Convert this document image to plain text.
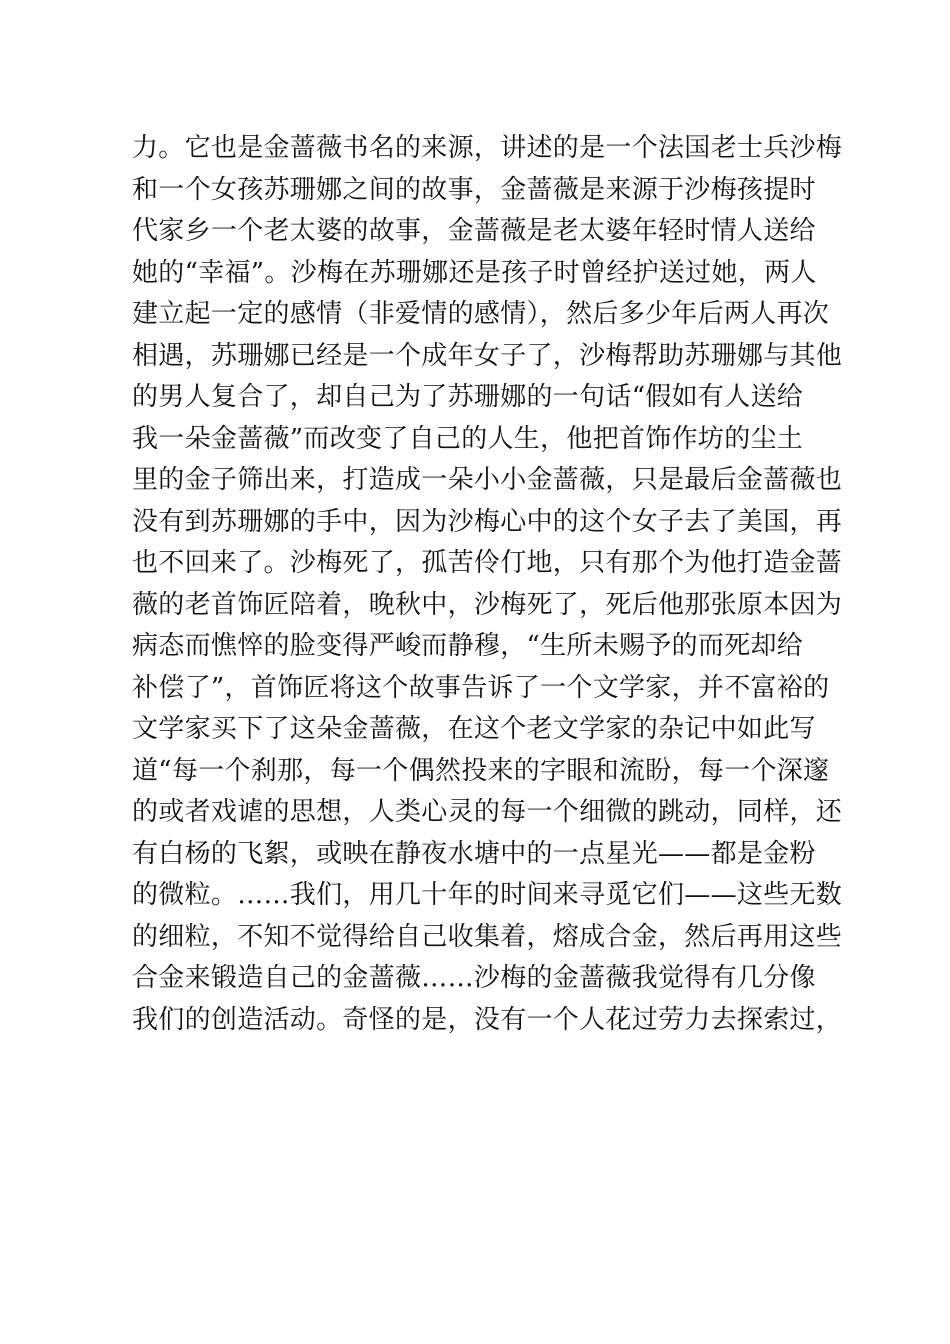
力。它也是金蔷薇书名的来源，讲述的是一个法国老士兵沙梅
和一个女孩苏珊娜之间的故事，金蔷薇是来源于沙梅孩提时
代家乡一个老太婆的故事，金蔷薇是老太婆年轻时情人送给
她的“幸福”。沙梅在苏珊娜还是孩子时曾经护送过她，两人
建立起一定的感情（非爱情的感情），然后多少年后两人再次
相遇，苏珊娜已经是一个成年女子了，沙梅帮助苏珊娜与其他
的男人复合了，却自己为了苏珊娜的一句话“假如有人送给
我一朵金蔷薇”而改变了自己的人生，他把首饰作坊的尘土
里的金子筛出来，打造成一朵小小金蔷薇，只是最后金蔷薇也
没有到苏珊娜的手中，因为沙梅心中的这个女子去了美国，再
也不回来了。沙梅死了，孤苦伶仃地，只有那个为他打造金蔷
薇的老首饰匠陪着，晚秋中，沙梅死了，死后他那张原本因为
病态而憔悴的脸变得严峻而静穆，“生所未赐予的而死却给
补偿了”，首饰匠将这个故事告诉了一个文学家，并不富裕的
文学家买下了这朵金蔷薇，在这个老文学家的杂记中如此写
道“每一个刹那，每一个偶然投来的字眼和流盼，每一个深邃
的或者戏谑的思想，人类心灵的每一个细微的跳动，同样，还
有白杨的飞絮，或映在静夜水塘中的一点星光——都是金粉
的微粒。……我们，用几十年的时间来寻觅它们——这些无数
的细粒，不知不觉得给自己收集着，熔成合金，然后再用这些
合金来锻造自己的金蔷薇……沙梅的金蔷薇我觉得有几分像
我们的创造活动。奇怪的是，没有一个人花过劳力去探索过，
